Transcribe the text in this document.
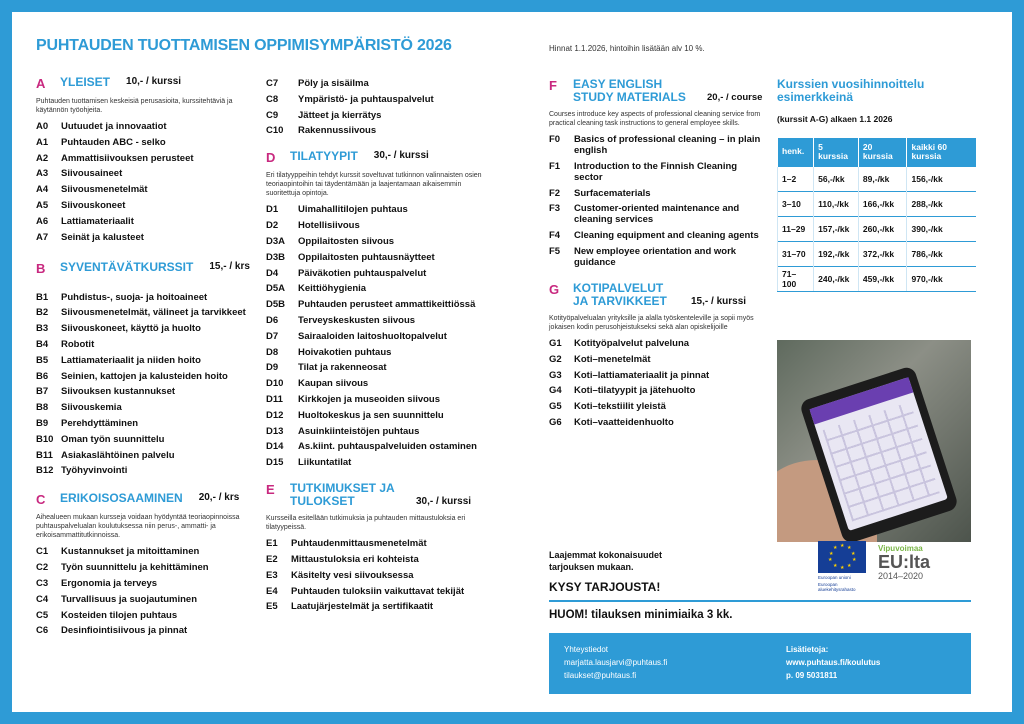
PUHTAUDEN TUOTTAMISEN OPPIMISYMPÄRISTÖ 2026	Hinnat 1.1.2026, hintoihin lisätään alv 10 %.
A	YLEISET 10,- / kurssi
Puhtauden tuottamisen keskeisiä perusasioita, kurssitehtäviä ja käytännön työohjeita.
A0	Uutuudet ja innovaatiot
A1	Puhtauden ABC - selko
A2	Ammattisiivouksen perusteet
A3	Siivousaineet
A4	Siivousmenetelmät
A5	Siivouskoneet
A6	Lattiamateriaalit
A7	Seinät ja kalusteet
B	SYVENTÄVÄTKURSSIT 15,- / krs
B1	Puhdistus-, suoja- ja hoitoaineet
B2	Siivousmenetelmät, välineet ja tarvikkeet
B3	Siivouskoneet, käyttö ja huolto
B4	Robotit
B5	Lattiamateriaalit ja niiden hoito
B6	Seinien, kattojen ja kalusteiden hoito
B7	Siivouksen kustannukset
B8	Siivouskemia
B9	Perehdyttäminen
B10 Oman työn suunnittelu
B11 Asiakaslähtöinen palvelu
B12 Työhyvinvointi
C	ERIKOISOSAAMINEN 20,- / krs
Aihealueen mukaan kursseja voidaan hyödyntää teoriaopinnoissa puhtauspalvelualan koulutuksessa niin perus-, ammatti- ja erikoisammattitutkinnoissa.
C1	Kustannukset ja mitoittaminen
C2	Työn suunnittelu ja kehittäminen
C3	Ergonomia ja terveys
C4	Turvallisuus ja suojautuminen
C5	Kosteiden tilojen puhtaus
C6	Desinfiointisiivous ja pinnat
C7	Pöly ja sisäilma
C8	Ympäristö- ja puhtauspalvelut
C9	Jätteet ja kierrätys
C10	Rakennussiivous
D	TILATYYPIT 30,- / kurssi
Eri tilatyyppeihin tehdyt kurssit soveltuvat tutkinnon valinnaisten osien teoriaopintoihin tai täydentämään ja laajentamaan aikaisemmin suoritettuja opintoja.
D1	Uimahallitilojen puhtaus
D2	Hotellisiivous
D3A	Oppilaitosten siivous
D3B	Oppilaitosten puhtausnäytteet
D4	Päiväkotien puhtauspalvelut
D5A	Keittiöhygienia
D5B	Puhtauden perusteet ammattikeittiössä
D6	Terveyskeskusten siivous
D7	Sairaaloiden laitoshuoltopalvelut
D8	Hoivakotien puhtaus
D9	Tilat ja rakenneosat
D10	Kaupan siivous
D11	Kirkkojen ja museoiden siivous
D12	Huoltokeskus ja sen suunnittelu
D13	Asuinkiinteistöjen puhtaus
D14	As.kiint. puhtauspalveluiden ostaminen
D15	Liikuntatilat
E	TUTKIMUKSET JA TULOKSET	30,- / kurssi
Kursseilla esitellään tutkimuksia ja puhtauden mittaustuloksia eri tilatyypeissä.
E1	Puhtaudenmittausmenetelmät
E2	Mittaustuloksia eri kohteista
E3	Käsitelty vesi siivouksessa
E4	Puhtauden tuloksiin vaikuttavat tekijät
E5	Laatujärjestelmät ja sertifikaatit
F	EASY ENGLISH STUDY MATERIALS	20,- / course
Courses introduce key aspects of professional cleaning service from practical cleaning task instructions to general employee skills.
F0	Basics of professional cleaning – in plain english
F1	Introduction to the Finnish Cleaning sector
F2	Surfacematerials
F3	Customer-oriented maintenance and cleaning services
F4	Cleaning equipment and cleaning agents
F5	New employee orientation and work guidance
G	KOTIPALVELUT JA TARVIKKEET	15,- / kurssi
Kotityöpalvelualan yrityksille ja alalla työskenteleville ja sopii myös jokaisen kodin perusohjeistukseksi sekä alan opiskelijoille
G1	Kotityöpalvelut palveluna
G2	Koti–menetelmät
G3	Koti–lattiamateriaalit ja pinnat
G4	Koti–tilatyypit ja jätehuolto
G5	Koti–tekstiilit yleistä
G6	Koti–vaatteidenhuolto
Kurssien vuosihinnoittelu esimerkkeinä
(kurssit A-G) alkaen 1.1 2026
henk.	5 kurssia	20 kurssia	kaikki 60 kurssia
1–2	56,-/kk	89,-/kk	156,-/kk
3–10	110,-/kk	166,-/kk	288,-/kk
11–29	157,-/kk	260,-/kk	390,-/kk
31–70	192,-/kk	372,-/kk	786,-/kk
71–100	240,-/kk	459,-/kk	970,-/kk
Laajemmat kokonaisuudet
tarjouksen mukaan.
KYSY TARJOUSTA!
★ ★
★
★
★
★
★
★
★
★
Euroopan unioni
Euroopan aluekehitysrahasto
Vipuvoimaa
EU:lta
2014–2020
HUOM! tilauksen minimiaika 3 kk.
Yhteystiedot
marjatta.lausjarvi@puhtaus.fi
tilaukset@puhtaus.fi
Lisätietoja:
www.puhtaus.fi/koulutus
p. 09 5031811
